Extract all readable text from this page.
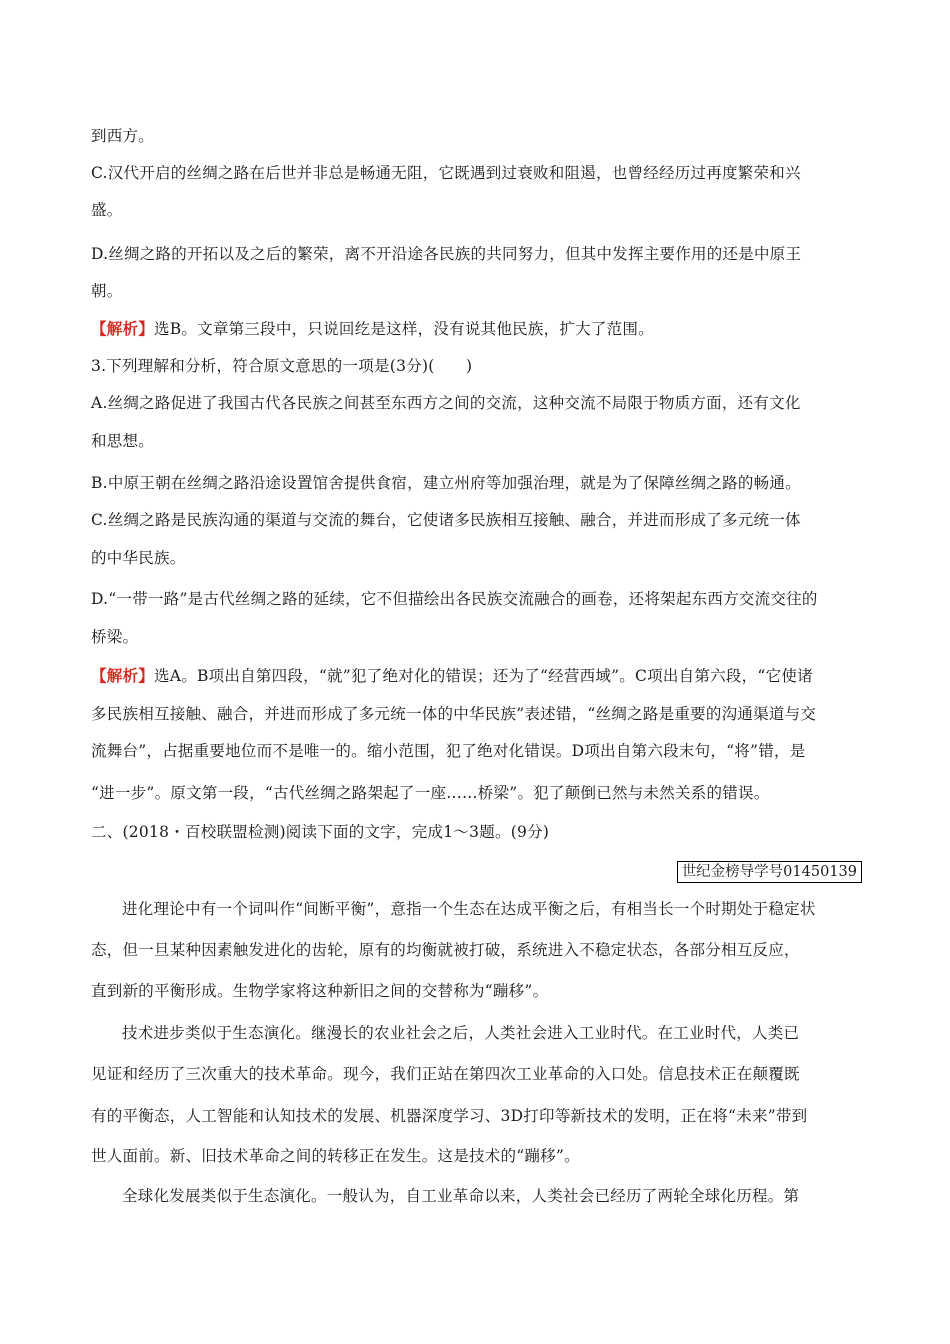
到西方。
C.汉代开启的丝绸之路在后世并非总是畅通无阻，它既遇到过衰败和阻遏，也曾经经历过再度繁荣和兴
盛。
D.丝绸之路的开拓以及之后的繁荣，离不开沿途各民族的共同努力，但其中发挥主要作用的还是中原王
朝。
【解析】选B。文章第三段中，只说回纥是这样，没有说其他民族，扩大了范围。
3.下列理解和分析，符合原文意思的一项是(3分)(　　)
A.丝绸之路促进了我国古代各民族之间甚至东西方之间的交流，这种交流不局限于物质方面，还有文化
和思想。
B.中原王朝在丝绸之路沿途设置馆舍提供食宿，建立州府等加强治理，就是为了保障丝绸之路的畅通。
C.丝绸之路是民族沟通的渠道与交流的舞台，它使诸多民族相互接触、融合，并进而形成了多元统一体
的中华民族。
D.“一带一路”是古代丝绸之路的延续，它不但描绘出各民族交流融合的画卷，还将架起东西方交流交往的
桥梁。
【解析】选A。B项出自第四段，“就”犯了绝对化的错误；还为了“经营西域”。C项出自第六段，“它使诸
多民族相互接触、融合，并进而形成了多元统一体的中华民族”表述错，“丝绸之路是重要的沟通渠道与交
流舞台”，占据重要地位而不是唯一的。缩小范围，犯了绝对化错误。D项出自第六段末句，“将”错，是
“进一步”。原文第一段，“古代丝绸之路架起了一座……桥梁”。犯了颠倒已然与未然关系的错误。
二、(2018・百校联盟检测)阅读下面的文字，完成1～3题。(9分)
世纪金榜导学号01450139
进化理论中有一个词叫作“间断平衡”，意指一个生态在达成平衡之后，有相当长一个时期处于稳定状
态，但一旦某种因素触发进化的齿轮，原有的均衡就被打破，系统进入不稳定状态，各部分相互反应，
直到新的平衡形成。生物学家将这种新旧之间的交替称为“蹦移”。
技术进步类似于生态演化。继漫长的农业社会之后，人类社会进入工业时代。在工业时代，人类已
见证和经历了三次重大的技术革命。现今，我们正站在第四次工业革命的入口处。信息技术正在颠覆既
有的平衡态，人工智能和认知技术的发展、机器深度学习、3D打印等新技术的发明，正在将“未来”带到
世人面前。新、旧技术革命之间的转移正在发生。这是技术的“蹦移”。
全球化发展类似于生态演化。一般认为，自工业革命以来，人类社会已经历了两轮全球化历程。第
